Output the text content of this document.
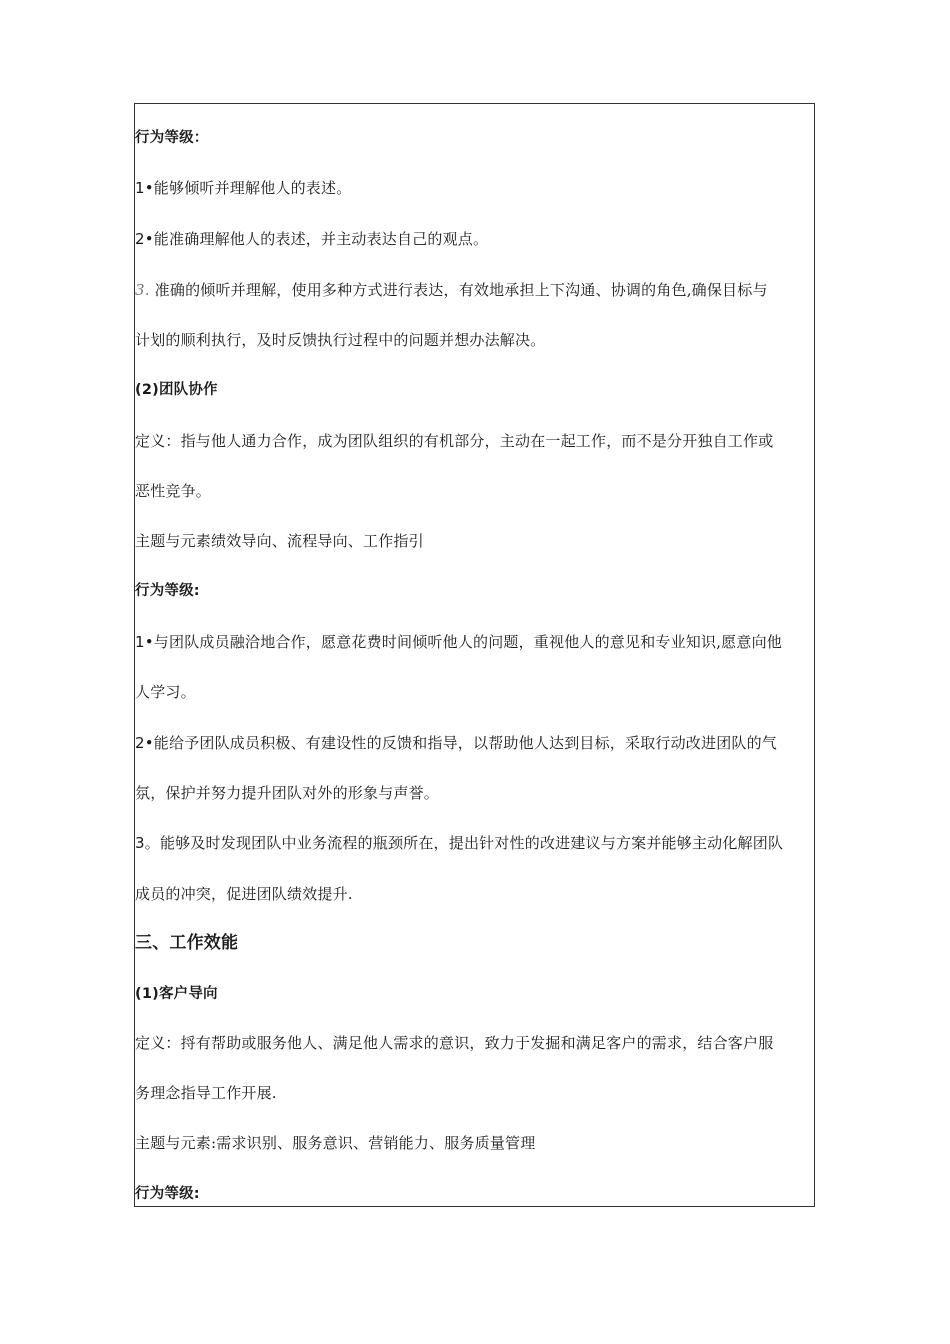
行为等级：
1•能够倾听并理解他人的表述。
2•能准确理解他人的表述，并主动表达自己的观点。
3. 准确的倾听并理解，使用多种方式进行表达，有效地承担上下沟通、协调的角色,确保目标与
计划的顺利执行，及时反馈执行过程中的问题并想办法解决。
(2)团队协作
定义：指与他人通力合作，成为团队组织的有机部分，主动在一起工作，而不是分开独自工作或
恶性竞争。
主题与元素绩效导向、流程导向、工作指引
行为等级:
1•与团队成员融洽地合作，愿意花费时间倾听他人的问题，重视他人的意见和专业知识,愿意向他
人学习。
2•能给予团队成员积极、有建设性的反馈和指导，以帮助他人达到目标，采取行动改进团队的气
氛，保护并努力提升团队对外的形象与声誉。
3。能够及时发现团队中业务流程的瓶颈所在，提出针对性的改进建议与方案并能够主动化解团队
成员的冲突，促进团队绩效提升.
三、工作效能
(1)客户导向
定义：捋有帮助或服务他人、满足他人需求的意识，致力于发掘和满足客户的需求，结合客户服
务理念指导工作开展.
主题与元素:需求识别、服务意识、营销能力、服务质量管理
行为等级:
